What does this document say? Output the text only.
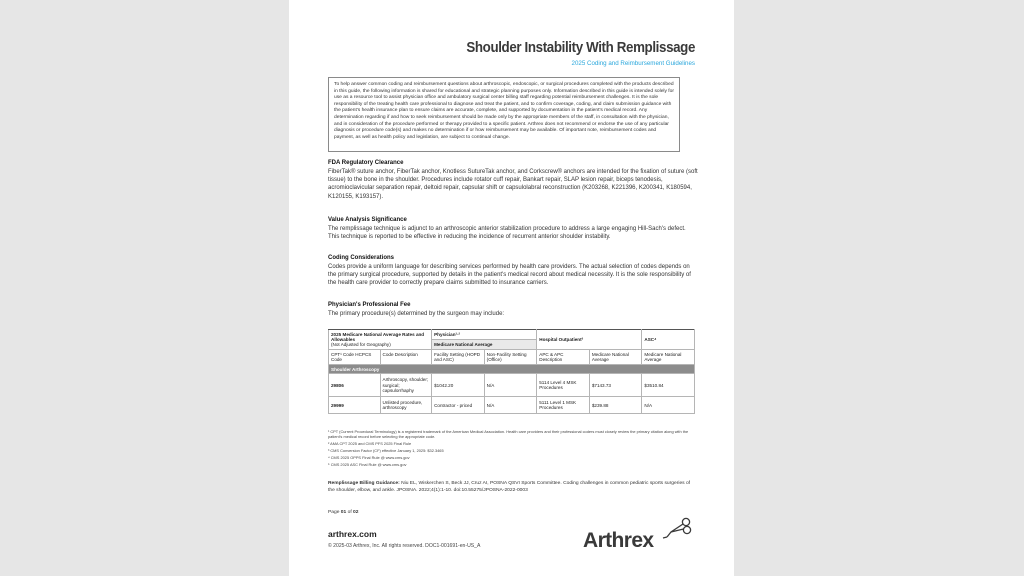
Shoulder Instability With Remplissage
2025 Coding and Reimbursement Guidelines
To help answer common coding and reimbursement questions about arthroscopic, endoscopic, or surgical procedures completed with the products described in this guide, the following information is shared for educational and strategic planning purposes only. Information described in this guide is intended solely for use as a resource tool to assist physician office and ambulatory surgical center billing staff regarding potential reimbursement challenges. It is the sole responsibility of the treating health care professional to diagnose and treat the patient, and to confirm coverage, coding, and claim submission guidance with the patient's health insurance plan to ensure claims are accurate, complete, and supported by documentation in the patient's medical record. Any determination regarding if and how to seek reimbursement should be made only by the appropriate members of the staff, in consultation with the physician, and in consideration of the procedure performed or therapy provided to a specific patient. Arthrex does not recommend or endorse the use of any particular diagnosis or procedure code(s) and makes no determination if or how reimbursement may be available. Of important note, reimbursement codes and payment, as well as health policy and legislation, are subject to continual change.
FDA Regulatory Clearance
FiberTak® suture anchor, FiberTak anchor, Knotless SutureTak anchor, and Corkscrew® anchors are intended for the fixation of suture (soft tissue) to the bone in the shoulder. Procedures include rotator cuff repair, Bankart repair, SLAP lesion repair, biceps tenodesis, acromioclavicular separation repair, deltoid repair, capsular shift or capsulolabral reconstruction (K203268, K221396, K200341, K180594, K120155, K193157).
Value Analysis Significance
The remplissage technique is adjunct to an arthroscopic anterior stabilization procedure to address a large engaging Hill-Sach's defect. This technique is reported to be effective in reducing the incidence of recurrent anterior shoulder instability.
Coding Considerations
Codes provide a uniform language for describing services performed by health care providers. The actual selection of codes depends on the primary surgical procedure, supported by details in the patient's medical record about medical necessity. It is the sole responsibility of the health care provider to correctly prepare claims submitted to insurance carriers.
Physician's Professional Fee
The primary procedure(s) determined by the surgeon may include:
2025 Medicare National Average Rates and Allowables
(Not Adjusted for Geography)		Physician¹⋅²		Hospital Outpatient³		ASC⁴
		Medicare National Average				
CPT¹ Code HCPCS Code	Code Description	Facility Setting (HOPD and ASC)	Non-Facility Setting (Office)	APC & APC Description	Medicare National Average	Medicare National Average
Shoulder Arthroscopy						
29806	Arthroscopy, shoulder; surgical; capsulorrhaphy	$1042.20	N/A	5114 Level 4 MSK Procedures	$7143.73	$3510.84
29999	Unlisted procedure, arthroscopy	Contractor - priced	N/A	5111 Level 1 MSK Procedures	$239.88	N/A
¹ CPT (Current Procedural Terminology) is a registered trademark of the American Medical Association. Health care providers and their professional coders must closely review the primary citation along with the patient's medical record before selecting the appropriate code.
² AMA CPT 2025 and CMS PFS 2025 Final Rule
³ CMS Conversion Factor (CF) effective January 1, 2025: $32.3465
⁴ CMS 2025 OPPS Final Rule @ www.cms.gov
⁵ CMS 2025 ASC Final Rule @ www.cms.gov
Remplissage Billing Guidance: Niu EL, Wiskerchen S, Beck JJ, Cruz AI, POSNA QSVI Sports Committee. Coding challenges in common pediatric sports surgeries of the shoulder, elbow, and ankle. JPOSNA. 2022;4(1):1-10. doi:10.55275/JPOSNA-2022-0003
Page 01 of 02
arthrex.com
© 2025-03 Arthrex, Inc. All rights reserved. DOC1-001691-en-US_A	Arthrex
